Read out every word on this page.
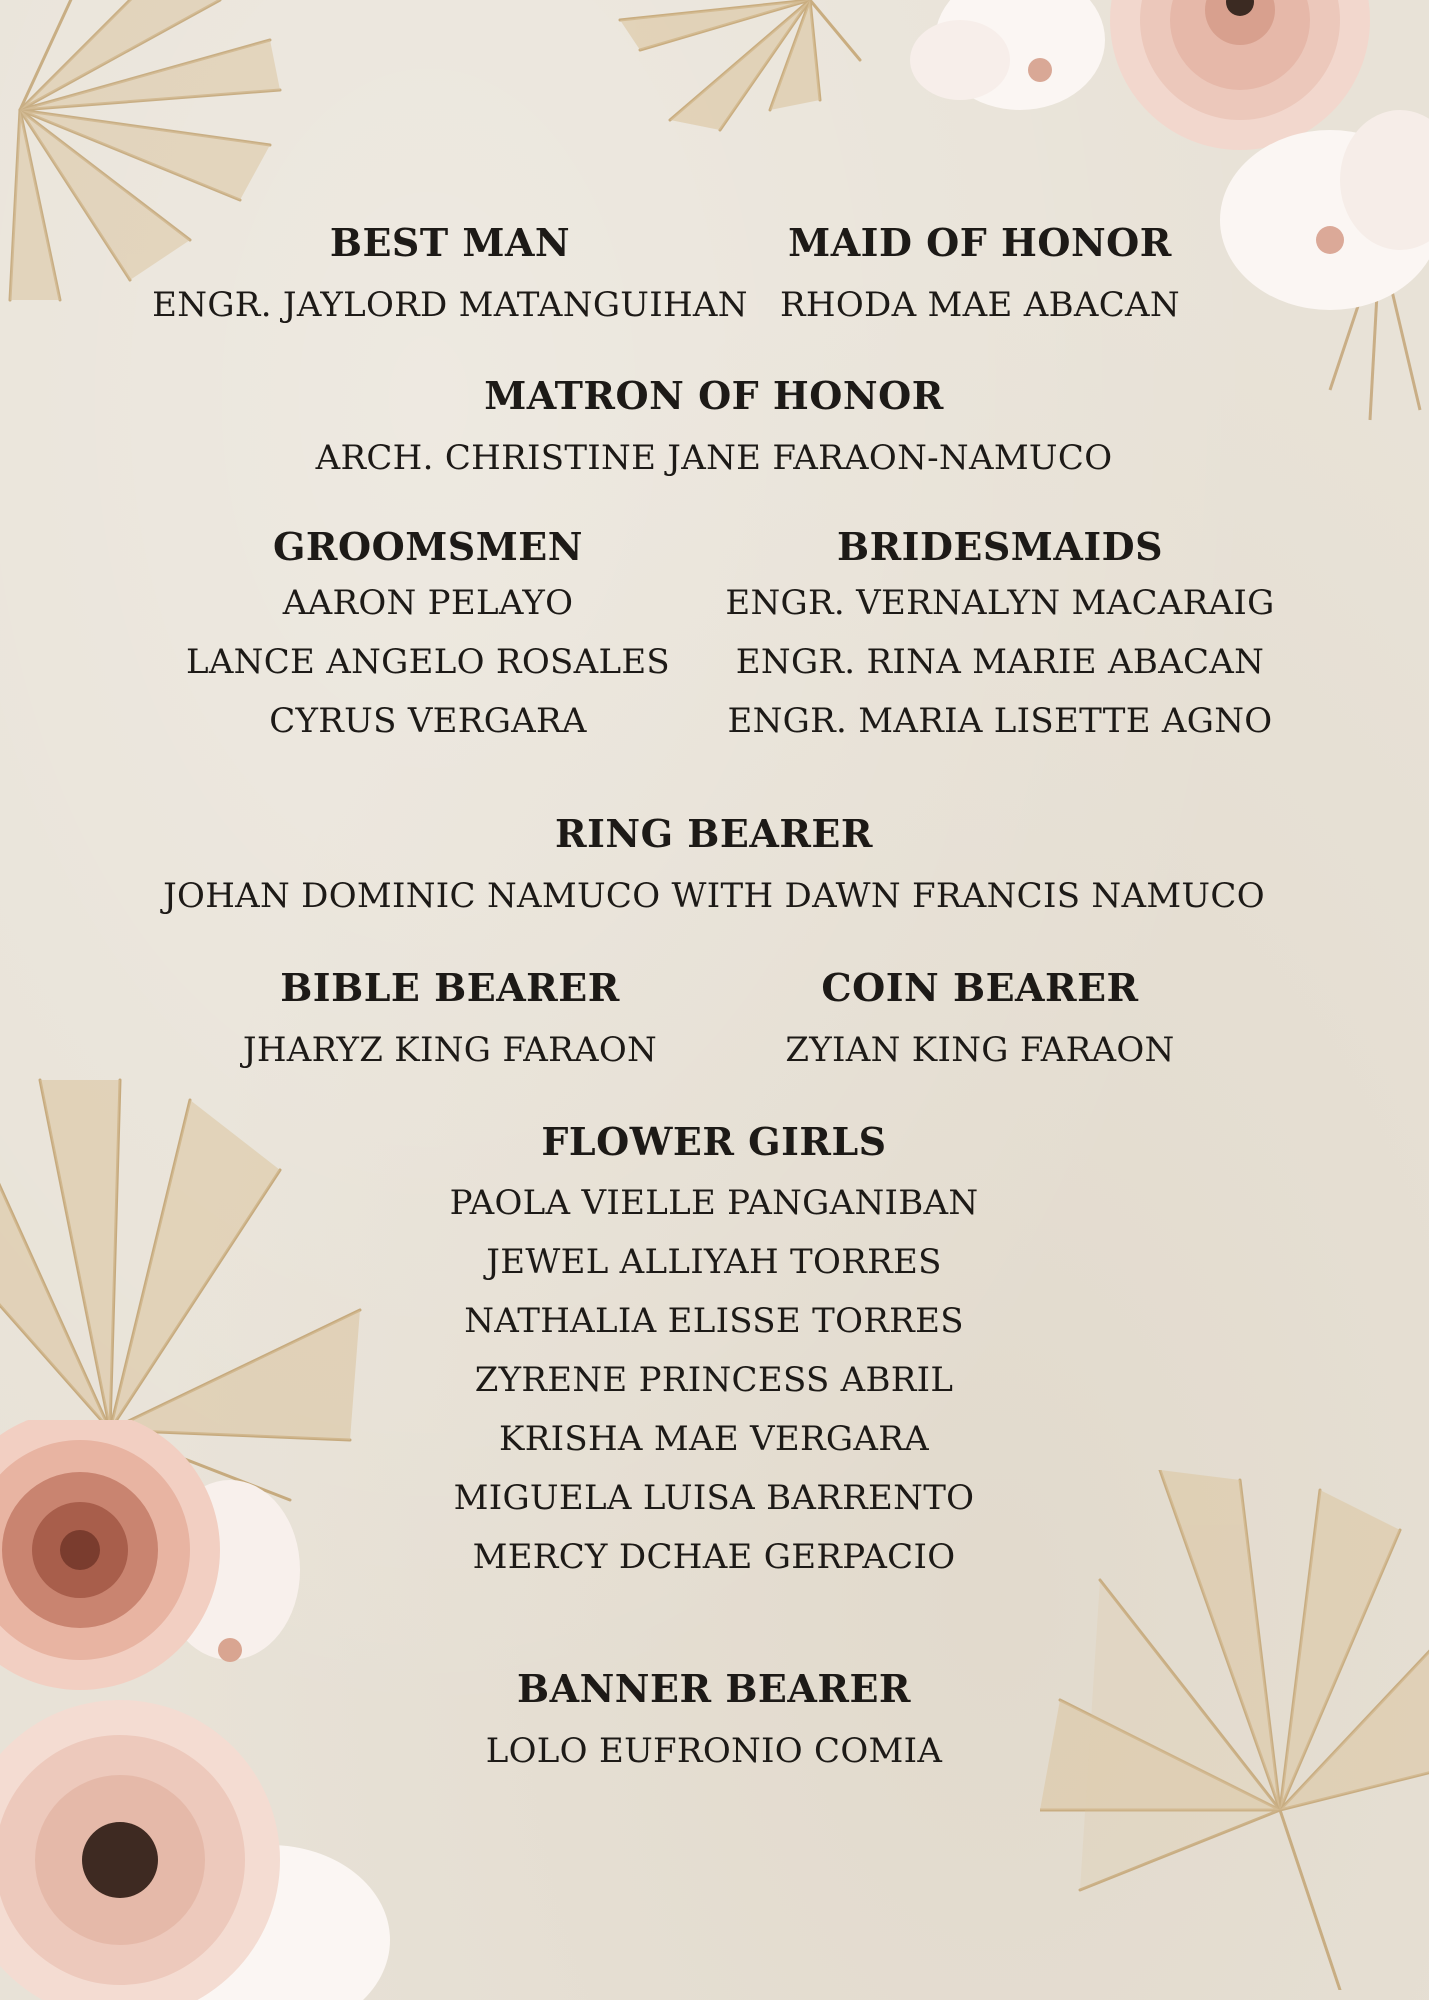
BEST MAN
ENGR. JAYLORD MATANGUIHAN
MAID OF HONOR
RHODA MAE ABACAN
MATRON OF HONOR
ARCH. CHRISTINE JANE FARAON-NAMUCO
GROOMSMEN
AARON PELAYO
LANCE ANGELO ROSALES
CYRUS VERGARA
BRIDESMAIDS
ENGR. VERNALYN MACARAIG
ENGR. RINA MARIE ABACAN
ENGR. MARIA LISETTE AGNO
RING BEARER
JOHAN DOMINIC NAMUCO WITH DAWN FRANCIS NAMUCO
BIBLE BEARER
JHARYZ KING FARAON
COIN BEARER
ZYIAN KING FARAON
FLOWER GIRLS
PAOLA VIELLE PANGANIBAN
JEWEL ALLIYAH TORRES
NATHALIA ELISSE TORRES
ZYRENE PRINCESS ABRIL
KRISHA MAE VERGARA
MIGUELA LUISA BARRENTO
MERCY DCHAE GERPACIO
BANNER BEARER
LOLO EUFRONIO COMIA
